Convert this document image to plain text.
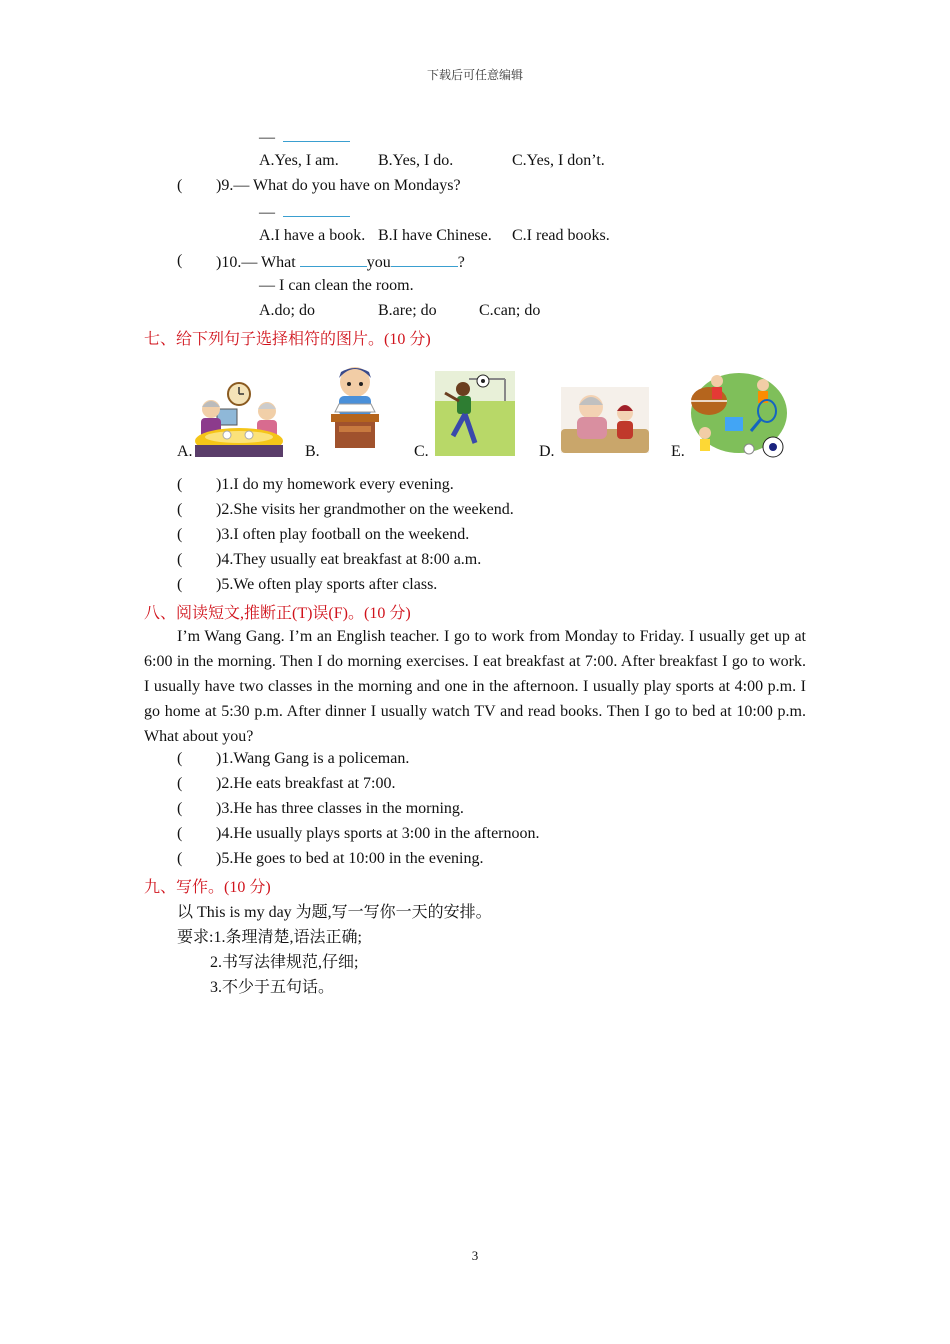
下载后可任意编辑
—
A.Yes, I am. B.Yes, I do.	C.Yes, I don’t.
( )9.— What do you have on Mondays?
—
A.I have a book. B.I have Chinese. C.I read books.
( )10.— What	you	?
— I can clean the room.
A.do; do	B.are; do	C.can; do
七、给下列句子选择相符的图片。(10 分)
A.	B.	C.	D.	E.
( )1.I do my homework every evening.
( )2.She visits her grandmother on the weekend.
( )3.I often play football on the weekend.
( )4.They usually eat breakfast at 8:00 a.m.
( )5.We often play sports after class.
八、阅读短文,推断正(T)误(F)。(10 分)
I’m Wang Gang. I’m an English teacher. I go to work from Monday to Friday. I usually get up at 6:00 in the morning. Then I do morning exercises. I eat breakfast at 7:00. After breakfast I go to work. I usually have two classes in the morning and one in the afternoon. I usually play sports at 4:00 p.m. I go home at 5:30 p.m. After dinner I usually watch TV and read books. Then I go to bed at 10:00 p.m. What about you?
( )1.Wang Gang is a policeman.
( )2.He eats breakfast at 7:00.
( )3.He has three classes in the morning.
( )4.He usually plays sports at 3:00 in the afternoon.
( )5.He goes to bed at 10:00 in the evening.
九、写作。(10 分)
以 This is my day 为题,写一写你一天的安排。
要求:1.条理清楚,语法正确;
2.书写法律规范,仔细;
3.不少于五句话。
3
